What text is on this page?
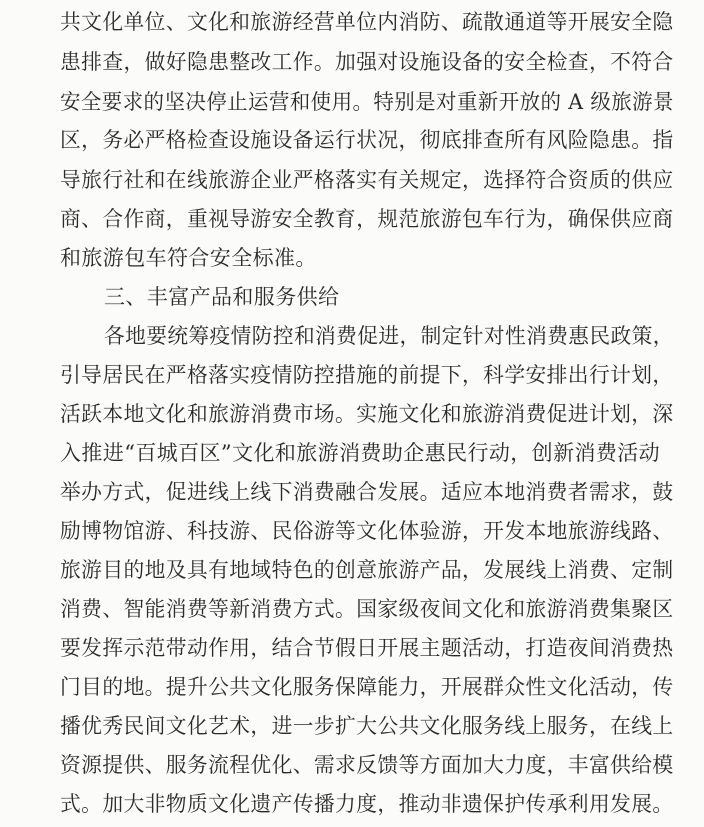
共文化单位、文化和旅游经营单位内消防、疏散通道等开展安全隐
患排查，做好隐患整改工作。加强对设施设备的安全检查，不符合
安全要求的坚决停止运营和使用。特别是对重新开放的 A 级旅游景
区，务必严格检查设施设备运行状况，彻底排查所有风险隐患。指
导旅行社和在线旅游企业严格落实有关规定，选择符合资质的供应
商、合作商，重视导游安全教育，规范旅游包车行为，确保供应商
和旅游包车符合安全标准。
三、丰富产品和服务供给
各地要统筹疫情防控和消费促进，制定针对性消费惠民政策，
引导居民在严格落实疫情防控措施的前提下，科学安排出行计划，
活跃本地文化和旅游消费市场。实施文化和旅游消费促进计划，深
入推进“百城百区”文化和旅游消费助企惠民行动，创新消费活动
举办方式，促进线上线下消费融合发展。适应本地消费者需求，鼓
励博物馆游、科技游、民俗游等文化体验游，开发本地旅游线路、
旅游目的地及具有地域特色的创意旅游产品，发展线上消费、定制
消费、智能消费等新消费方式。国家级夜间文化和旅游消费集聚区
要发挥示范带动作用，结合节假日开展主题活动，打造夜间消费热
门目的地。提升公共文化服务保障能力，开展群众性文化活动，传
播优秀民间文化艺术，进一步扩大公共文化服务线上服务，在线上
资源提供、服务流程优化、需求反馈等方面加大力度，丰富供给模
式。加大非物质文化遗产传播力度，推动非遗保护传承利用发展。
